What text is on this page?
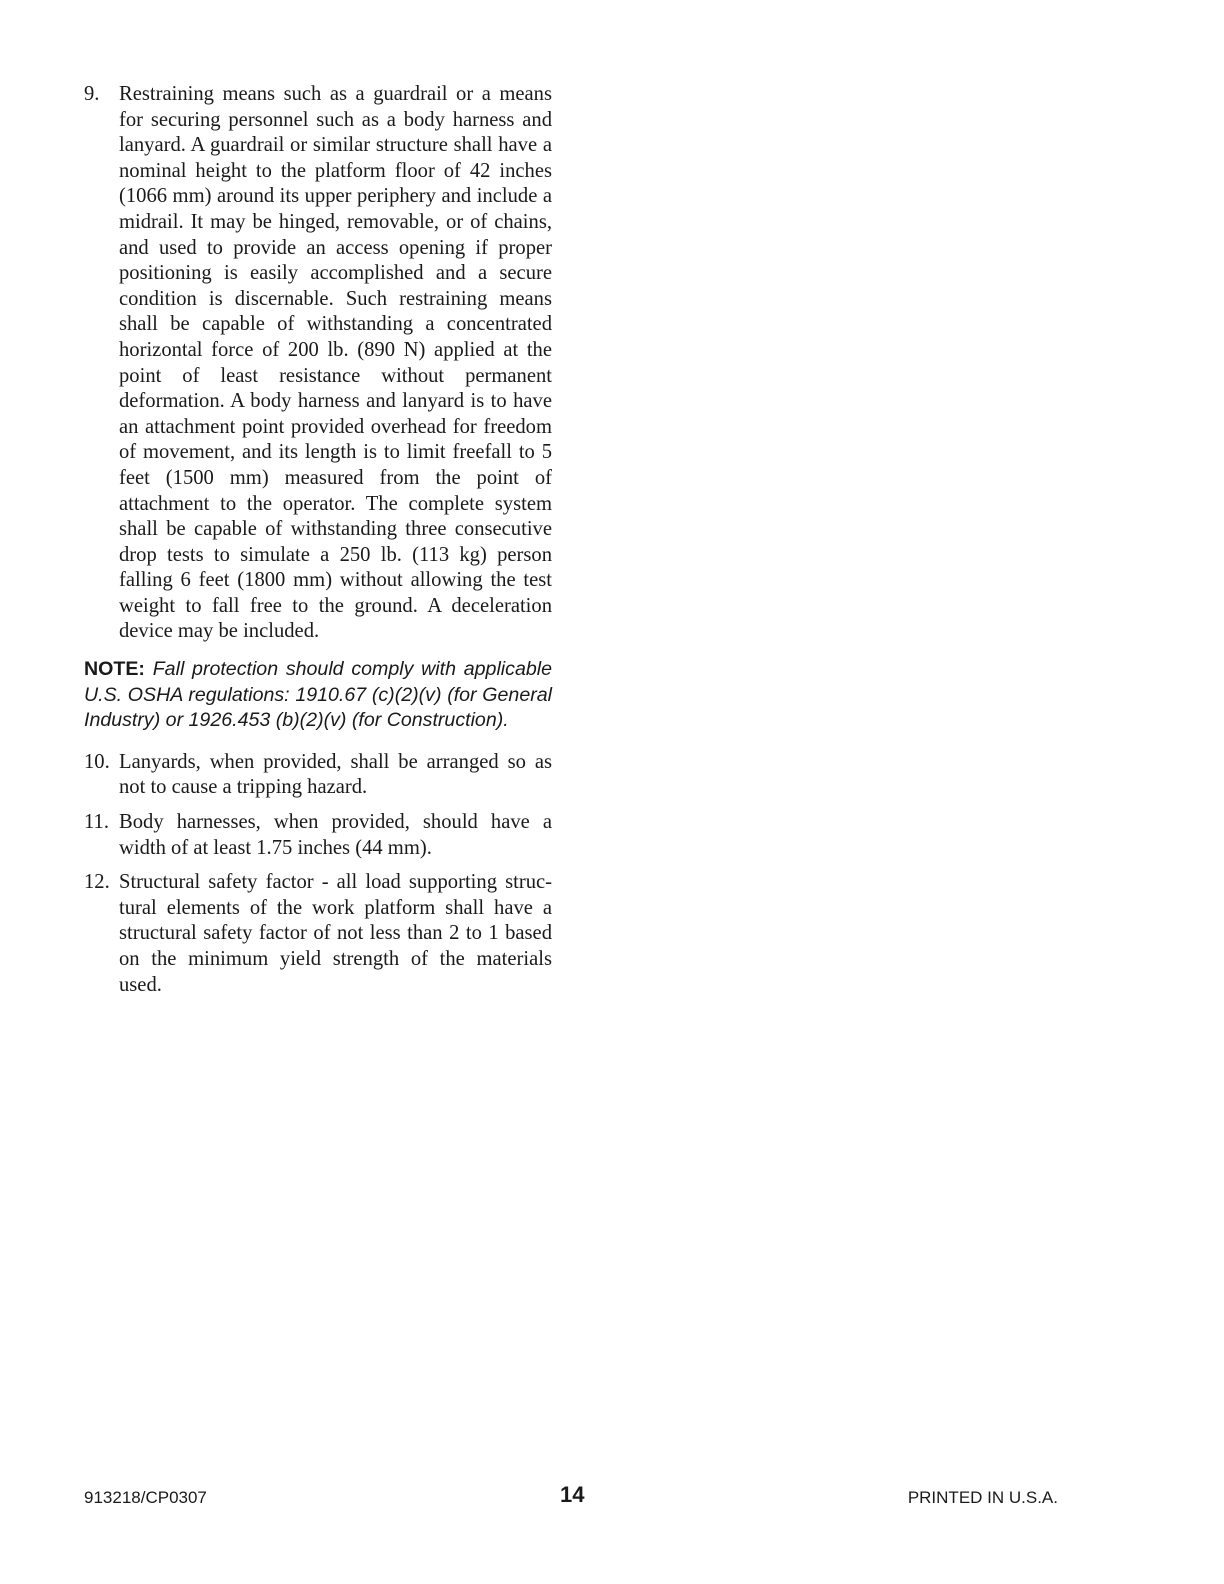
9. Restraining means such as a guardrail or a means for securing personnel such as a body harness and lanyard. A guardrail or similar structure shall have a nominal height to the platform floor of 42 inches (1066 mm) around its upper periphery and include a midrail. It may be hinged, removable, or of chains, and used to provide an access opening if proper positioning is easily accomplished and a secure condition is discernable. Such restraining means shall be capable of withstanding a concentrated horizontal force of 200 lb. (890 N) applied at the point of least resistance without permanent deformation. A body harness and lanyard is to have an attachment point provided overhead for freedom of movement, and its length is to limit freefall to 5 feet (1500 mm) measured from the point of attachment to the operator. The complete system shall be capable of withstanding three consecutive drop tests to simulate a 250 lb. (113 kg) person falling 6 feet (1800 mm) without allowing the test weight to fall free to the ground. A deceleration device may be included.

NOTE: Fall protection should comply with applicable U.S. OSHA regulations: 1910.67 (c)(2)(v) (for General Industry) or 1926.453 (b)(2)(v) (for Construction).

10. Lanyards, when provided, shall be arranged so as not to cause a tripping hazard.
11. Body harnesses, when provided, should have a width of at least 1.75 inches (44 mm).
12. Structural safety factor - all load supporting structural elements of the work platform shall have a structural safety factor of not less than 2 to 1 based on the minimum yield strength of the materials used.
913218/CP0307	14	PRINTED IN U.S.A.
